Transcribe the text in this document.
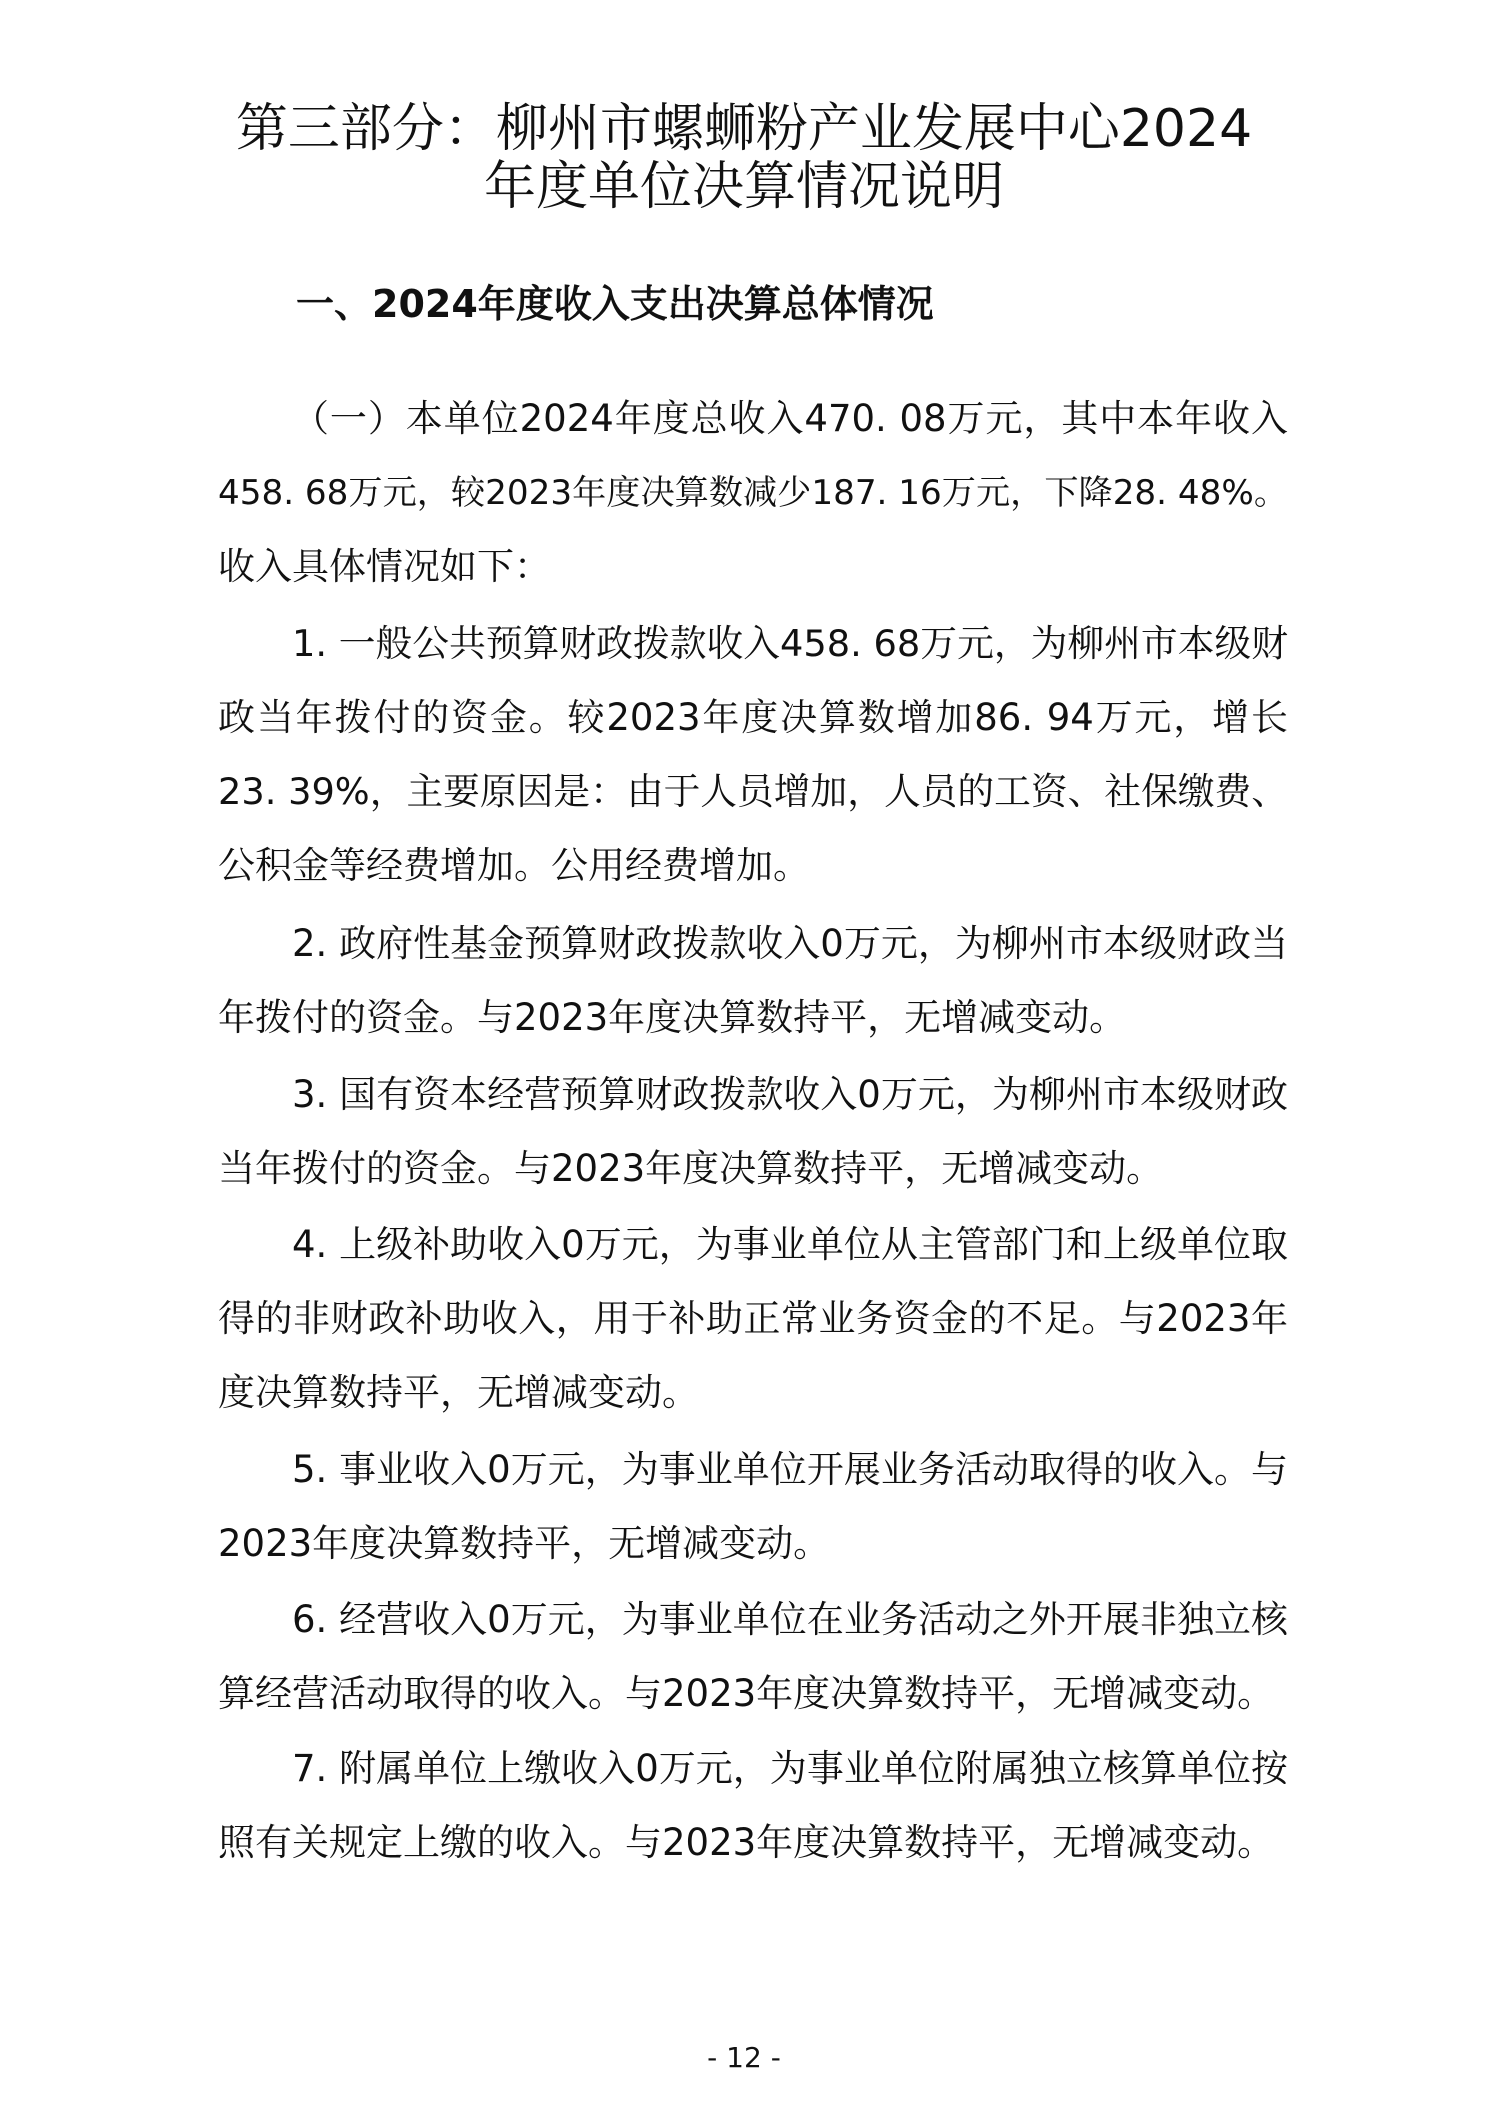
第三部分：柳州市螺蛳粉产业发展中心2024
年度单位决算情况说明
一、2024年度收入支出决算总体情况

（一）本单位2024年度总收入470. 08万元，其中本年收入
458. 68万元，较2023年度决算数减少187. 16万元，下降28. 48%。
收入具体情况如下：

1. 一般公共预算财政拨款收入458. 68万元，为柳州市本级财
政当年拨付的资金。较2023年度决算数增加86. 94万元，增长
23. 39%，主要原因是：由于人员增加，人员的工资、社保缴费、
公积金等经费增加。公用经费增加。

2. 政府性基金预算财政拨款收入0万元，为柳州市本级财政当
年拨付的资金。与2023年度决算数持平，无增减变动。

3. 国有资本经营预算财政拨款收入0万元，为柳州市本级财政
当年拨付的资金。与2023年度决算数持平，无增减变动。

4. 上级补助收入0万元，为事业单位从主管部门和上级单位取
得的非财政补助收入，用于补助正常业务资金的不足。与2023年
度决算数持平，无增减变动。

5. 事业收入0万元，为事业单位开展业务活动取得的收入。与
2023年度决算数持平，无增减变动。

6. 经营收入0万元，为事业单位在业务活动之外开展非独立核
算经营活动取得的收入。与2023年度决算数持平，无增减变动。

7. 附属单位上缴收入0万元，为事业单位附属独立核算单位按
照有关规定上缴的收入。与2023年度决算数持平，无增减变动。

- 12 -
